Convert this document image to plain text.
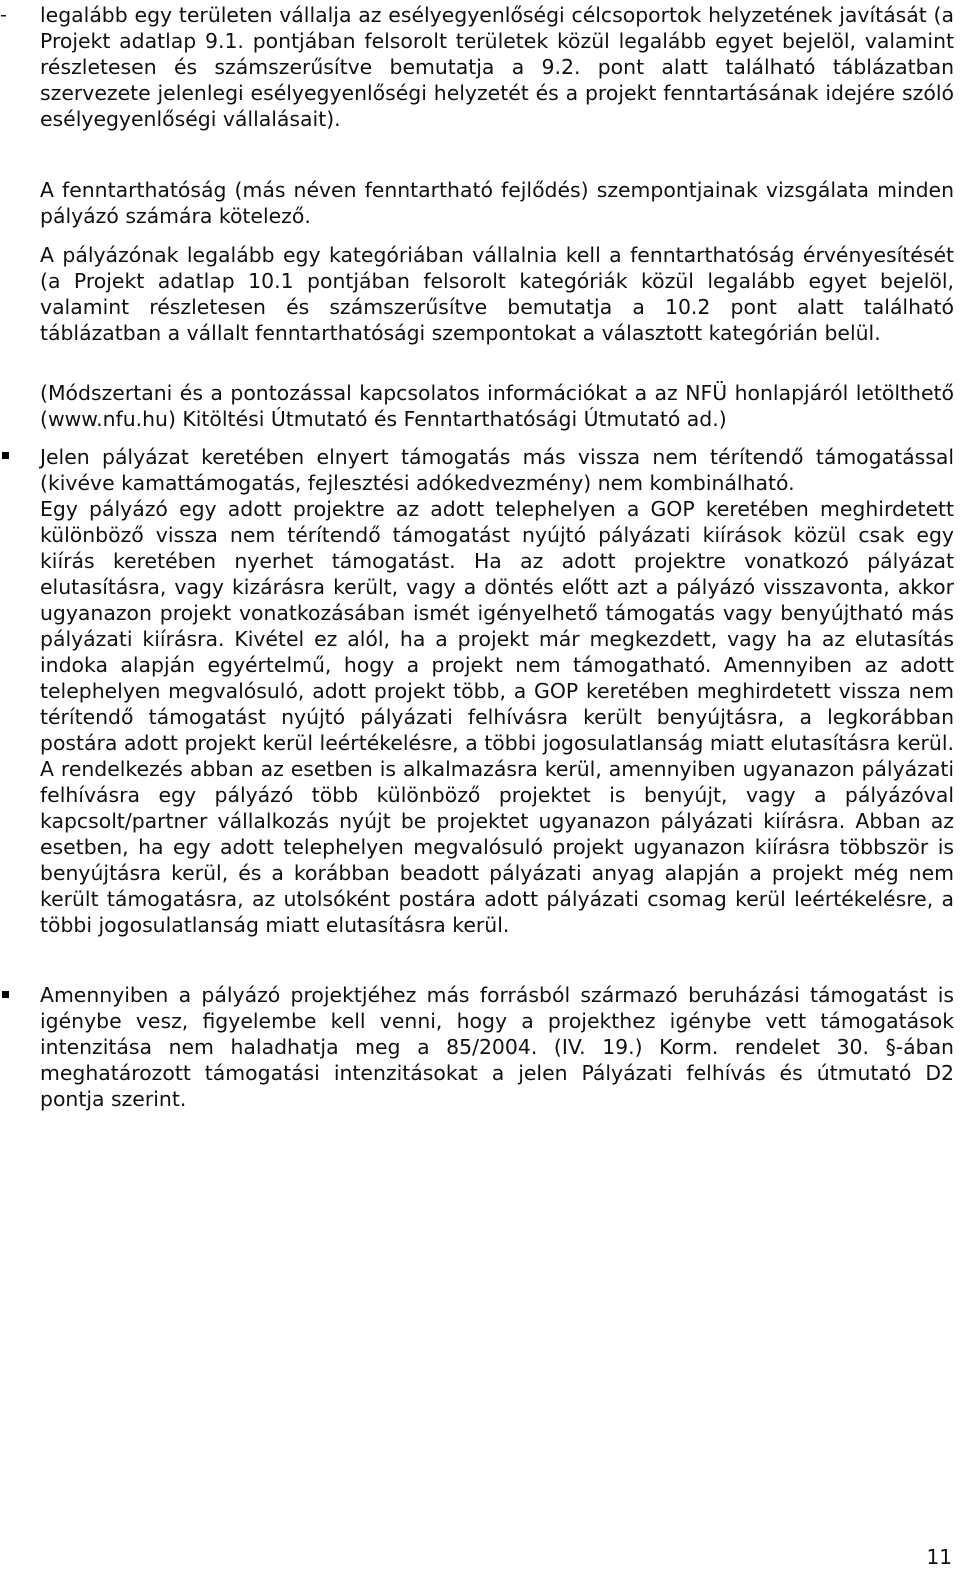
- legalább egy területen vállalja az esélyegyenlőségi célcsoportok helyzetének javítását (a Projekt adatlap 9.1. pontjában felsorolt területek közül legalább egyet bejelöl, valamint részletesen és számszerűsítve bemutatja a 9.2. pont alatt található táblázatban szervezete jelenlegi esélyegyenlőségi helyzetét és a projekt fenntartásának idejére szóló esélyegyenlőségi vállalásait).

A fenntarthatóság (más néven fenntartható fejlődés) szempontjainak vizsgálata minden pályázó számára kötelező.

A pályázónak legalább egy kategóriában vállalnia kell a fenntarthatóság érvényesítését (a Projekt adatlap 10.1 pontjában felsorolt kategóriák közül legalább egyet bejelöl, valamint részletesen és számszerűsítve bemutatja a 10.2 pont alatt található táblázatban a vállalt fenntarthatósági szempontokat a választott kategórián belül.

(Módszertani és a pontozással kapcsolatos információkat a az NFÜ honlapjáról letölthető (www.nfu.hu) Kitöltési Útmutató és Fenntarthatósági Útmutató ad.)

Jelen pályázat keretében elnyert támogatás más vissza nem térítendő támogatással (kivéve kamattámogatás, fejlesztési adókedvezmény) nem kombinálható.

Egy pályázó egy adott projektre az adott telephelyen a GOP keretében meghirdetett különböző vissza nem térítendő támogatást nyújtó pályázati kiírások közül csak egy kiírás keretében nyerhet támogatást. Ha az adott projektre vonatkozó pályázat elutasításra, vagy kizárásra került, vagy a döntés előtt azt a pályázó visszavonta, akkor ugyanazon projekt vonatkozásában ismét igényelhető támogatás vagy benyújtható más pályázati kiírásra. Kivétel ez alól, ha a projekt már megkezdett, vagy ha az elutasítás indoka alapján egyértelmű, hogy a projekt nem támogatható. Amennyiben az adott telephelyen megvalósuló, adott projekt több, a GOP keretében meghirdetett vissza nem térítendő támogatást nyújtó pályázati felhívásra került benyújtásra, a legkorábban postára adott projekt kerül leértékelésre, a többi jogosulatlanság miatt elutasításra kerül. A rendelkezés abban az esetben is alkalmazásra kerül, amennyiben ugyanazon pályázati felhívásra egy pályázó több különböző projektet is benyújt, vagy a pályázóval kapcsolt/partner vállalkozás nyújt be projektet ugyanazon pályázati kiírásra. Abban az esetben, ha egy adott telephelyen megvalósuló projekt ugyanazon kiírásra többször is benyújtásra kerül, és a korábban beadott pályázati anyag alapján a projekt még nem került támogatásra, az utolsóként postára adott pályázati csomag kerül leértékelésre, a többi jogosulatlanság miatt elutasításra kerül.

Amennyiben a pályázó projektjéhez más forrásból származó beruházási támogatást is igénybe vesz, figyelembe kell venni, hogy a projekthez igénybe vett támogatások intenzitása nem haladhatja meg a 85/2004. (IV. 19.) Korm. rendelet 30. §-ában meghatározott támogatási intenzitásokat a jelen Pályázati felhívás és útmutató D2 pontja szerint.

11
